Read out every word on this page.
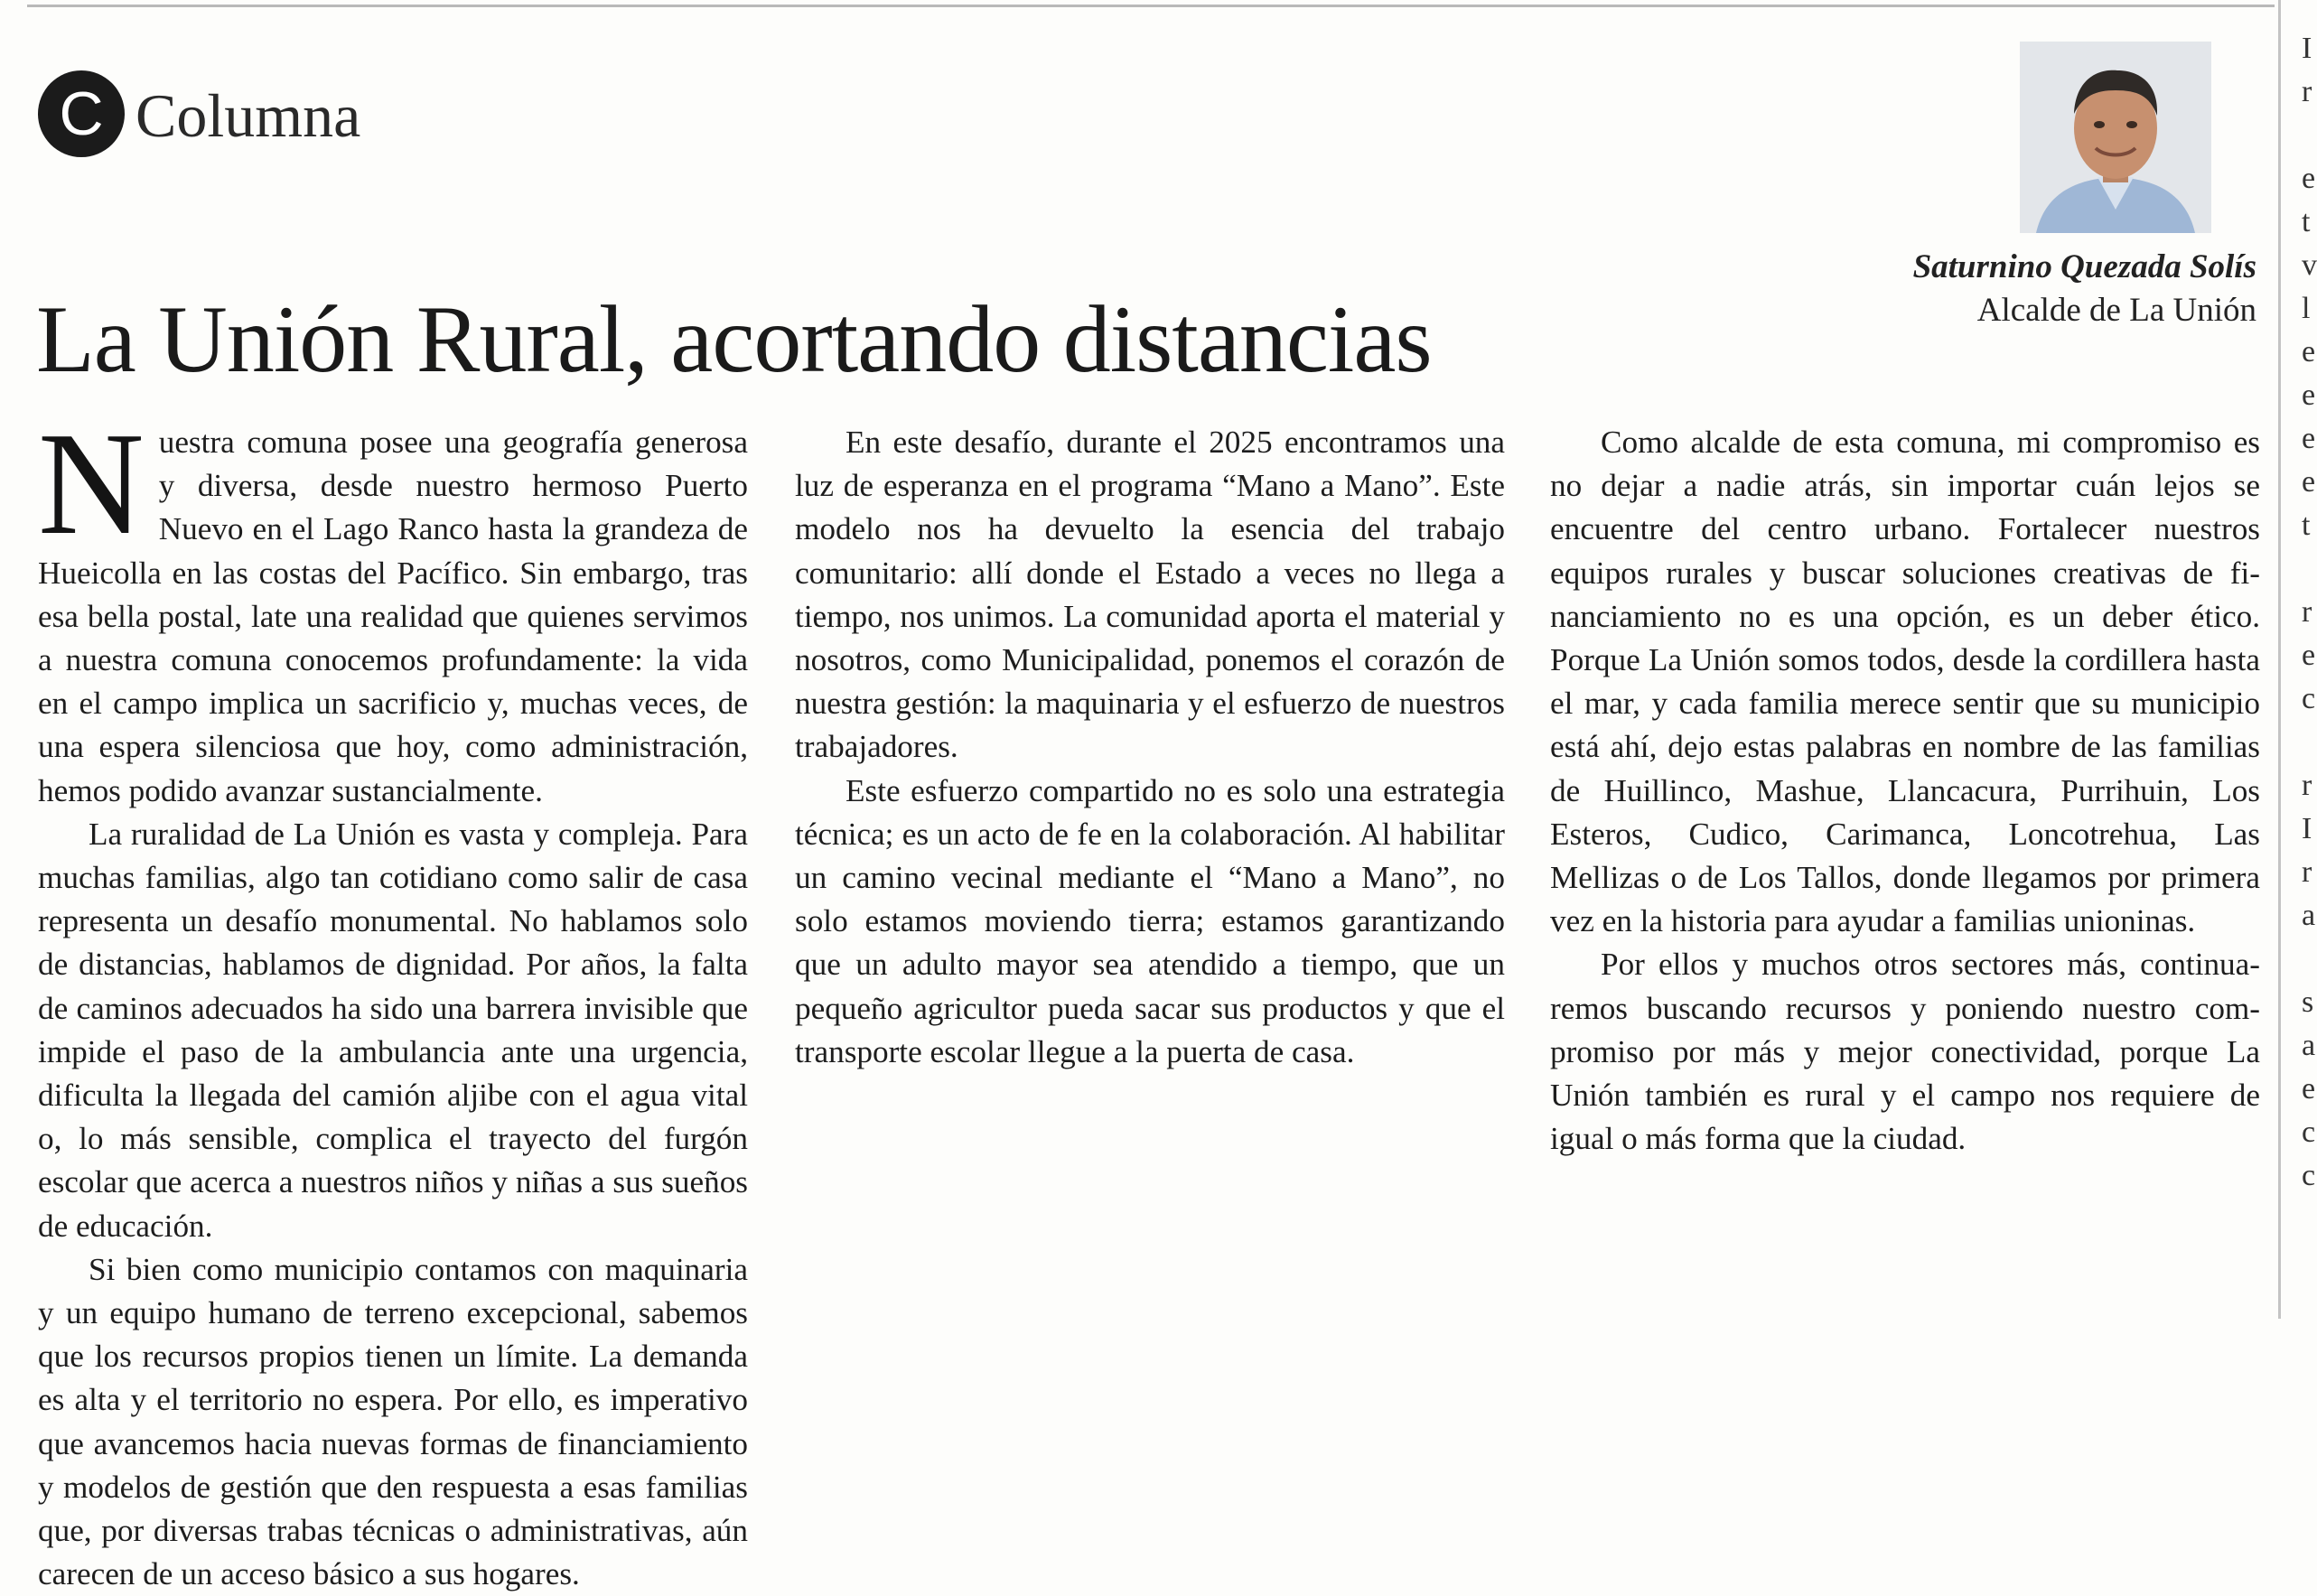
C Columna
Saturnino Quezada Solís
Alcalde de La Unión
La Unión Rural, acortando distancias

Nuestra comuna posee una geografía generosa y diversa, desde nuestro hermoso Puerto Nuevo en el Lago Ranco hasta la grandeza de Hueicolla en las costas del Pacífico. Sin embargo, tras esa bella postal, late una realidad que quienes servimos a nuestra comuna conocemos profundamente: la vida en el campo implica un sacrificio y, muchas veces, de una espera silenciosa que hoy, como administración, hemos podido avanzar sustancialmente.

La ruralidad de La Unión es vasta y compleja. Para muchas familias, algo tan cotidiano como salir de casa representa un desafío monumental. No hablamos solo de distancias, hablamos de dignidad. Por años, la falta de caminos adecuados ha sido una barrera invisible que impide el paso de la ambulancia ante una urgencia, dificulta la llegada del camión aljibe con el agua vital o, lo más sensible, complica el trayecto del furgón escolar que acerca a nuestros niños y niñas a sus sueños de educación.

Si bien como municipio contamos con maquinaria y un equipo humano de terreno excepcional, sabemos que los recursos propios tienen un límite. La demanda es alta y el territorio no espera. Por ello, es imperativo que avancemos hacia nuevas formas de financiamiento y modelos de gestión que den respuesta a esas familias que, por diversas trabas técnicas o administrativas, aún carecen de un acceso básico a sus hogares.

En este desafío, durante el 2025 encontramos una luz de esperanza en el programa “Mano a Mano”. Este modelo nos ha devuelto la esencia del trabajo comunitario: allí donde el Estado a veces no llega a tiempo, nos unimos. La comunidad aporta el material y nosotros, como Municipalidad, ponemos el corazón de nuestra gestión: la maquinaria y el esfuerzo de nuestros trabajadores.

Este esfuerzo compartido no es solo una estrategia técnica; es un acto de fe en la colaboración. Al habilitar un camino vecinal mediante el “Mano a Mano”, no solo estamos moviendo tierra; estamos garantizando que un adulto mayor sea atendido a tiempo, que un pequeño agricultor pueda sacar sus productos y que el transporte escolar llegue a la puerta de casa.

Como alcalde de esta comuna, mi compromiso es no dejar a nadie atrás, sin importar cuán lejos se encuentre del centro urbano. Fortalecer nuestros equipos rurales y buscar soluciones creativas de financiamiento no es una opción, es un deber ético. Porque La Unión somos todos, desde la cordillera hasta el mar, y cada familia merece sentir que su municipio está ahí, dejo estas palabras en nombre de las familias de Huillinco, Mashue, Llancacura, Purrihuin, Los Esteros, Cudico, Carimanca, Loncotrehua, Las Mellizas o de Los Tallos, donde llegamos por primera vez en la historia para ayudar a familias unioninas.

Por ellos y muchos otros sectores más, continuaremos buscando recursos y poniendo nuestro compromiso por más y mejor conectividad, porque La Unión también es rural y el campo nos requiere de igual o más forma que la ciudad.

I
r
e
t
v
l
e
e
e
e
t
r
e
c
r
I
r
a
s
a
e
c
c
